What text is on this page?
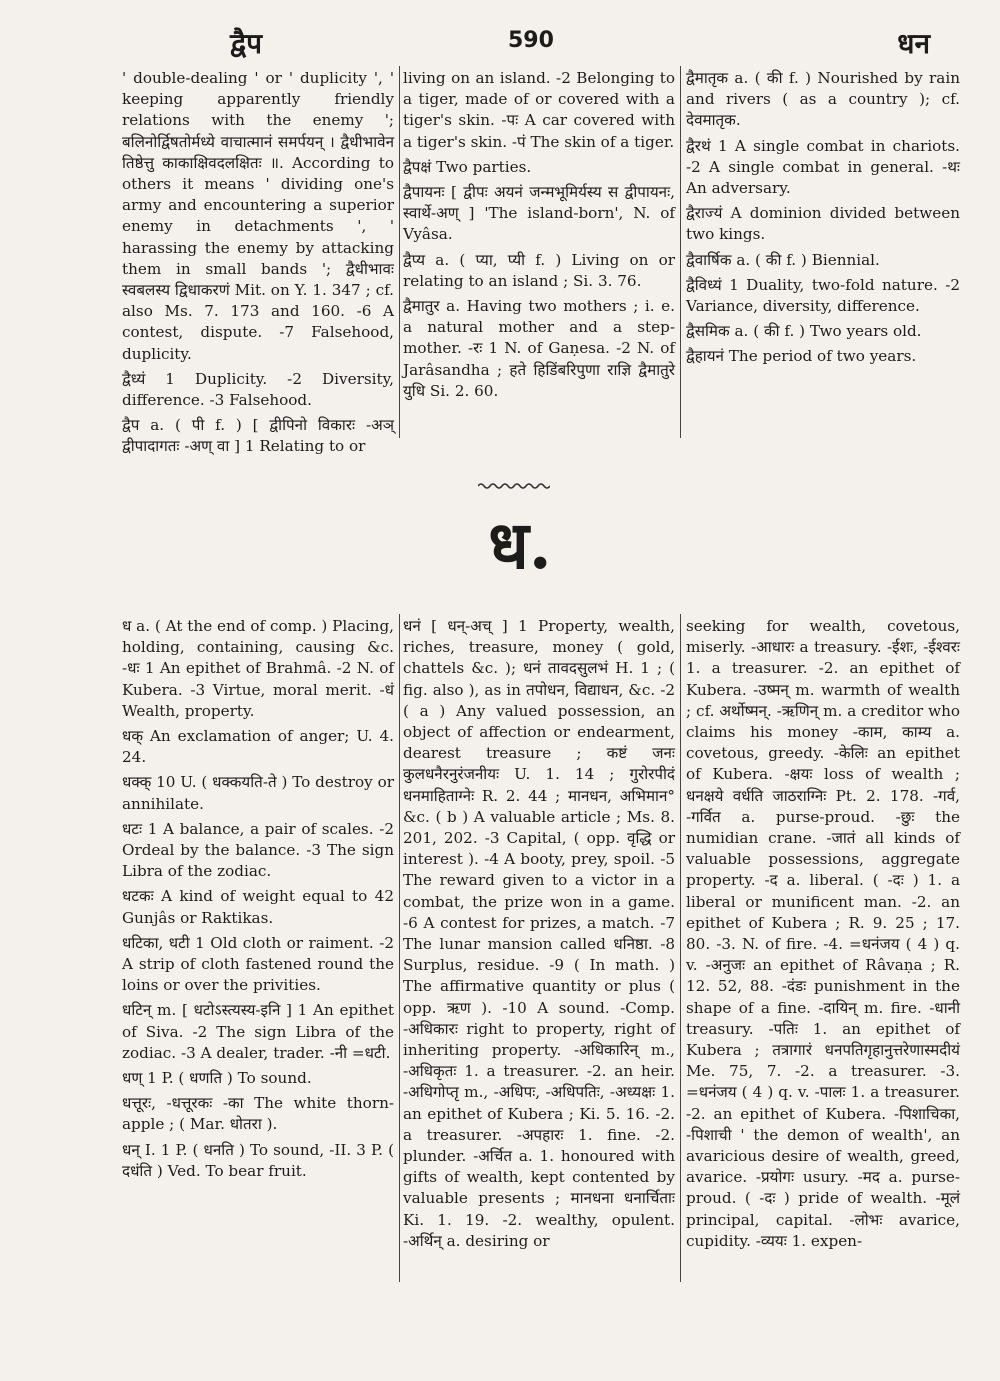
द्वैप	590	धन

' double-dealing ' or ' duplicity ', ' keeping apparently friendly relations with the enemy '; बलिनोर्द्विषतोर्मध्ये वाचात्मानं समर्पयन् । द्वैधीभावेन तिष्ठेत्तु काकाक्षिवदलक्षितः ॥. According to others it means ' dividing one's army and encountering a superior enemy in detachments ', ' harassing the enemy by attacking them in small bands '; द्वैधीभावः स्वबलस्य द्विधाकरणं Mit. on Y. 1. 347 ; cf. also Ms. 7. 173 and 160. -6 A contest, dispute. -7 Falsehood, duplicity.

द्वैध्यं 1 Duplicity. -2 Diversity, difference. -3 Falsehood.

द्वैप a. ( पी f. ) [ द्वीपिनो विकारः -अञ् द्वीपादागतः -अण् वा ] 1 Relating to or

living on an island. -2 Belonging to a tiger, made of or covered with a tiger's skin. -पः A car covered with a tiger's skin. -पं The skin of a tiger.

द्वैपक्षं Two parties.

द्वैपायनः [ द्वीपः अयनं जन्मभूमिर्यस्य स द्वीपायनः, स्वार्थे-अण् ] 'The island-born', N. of Vyâsa.

द्वैप्य a. ( प्या, प्यी f. ) Living on or relating to an island ; Si. 3. 76.

द्वैमातुर a. Having two mothers ; i. e. a natural mother and a step-mother. -रः 1 N. of Gaṇesa. -2 N. of Jarâsandha ; हते हिडिंबरिपुणा राज्ञि द्वैमातुरे युधि Si. 2. 60.

द्वैमातृक a. ( की f. ) Nourished by rain and rivers ( as a country ); cf. देवमातृक.

द्वैरथं 1 A single combat in chariots. -2 A single combat in general. -थः An adversary.

द्वैराज्यं A dominion divided between two kings.

द्वैवार्षिक a. ( की f. ) Biennial.

द्वैविध्यं 1 Duality, two-fold nature. -2 Variance, diversity, difference.

द्वैसमिक a. ( की f. ) Two years old.

द्वैहायनं The period of two years.

ध.

ध a. ( At the end of comp. ) Placing, holding, containing, causing &c. -धः 1 An epithet of Brahmâ. -2 N. of Kubera. -3 Virtue, moral merit. -धं Wealth, property.

धक् An exclamation of anger; U. 4. 24.

धक्क् 10 U. ( धक्कयति-ते ) To destroy or annihilate.

धटः 1 A balance, a pair of scales. -2 Ordeal by the balance. -3 The sign Libra of the zodiac.

धटकः A kind of weight equal to 42 Gunjâs or Raktikas.

धटिका, धटी 1 Old cloth or raiment. -2 A strip of cloth fastened round the loins or over the privities.

धटिन् m. [ धटोऽस्त्यस्य-इनि ] 1 An epithet of Siva. -2 The sign Libra of the zodiac. -3 A dealer, trader. -नी =धटी.

धण् 1 P. ( धणति ) To sound.

धत्तूरः, -धत्तूरकः -का The white thorn-apple ; ( Mar. धोतरा ).

धन् I. 1 P. ( धनति ) To sound, -II. 3 P. ( दधंति ) Ved. To bear fruit.

धनं [ धन्-अच् ] 1 Property, wealth, riches, treasure, money ( gold, chattels &c. ); धनं तावदसुलभं H. 1 ; ( fig. also ), as in तपोधन, विद्याधन, &c. -2 ( a ) Any valued possession, an object of affection or endearment, dearest treasure ; कष्टं जनः कुलधनैरनुरंजनीयः U. 1. 14 ; गुरोरपीदं धनमाहिताग्नेः R. 2. 44 ; मानधन, अभिमान° &c. ( b ) A valuable article ; Ms. 8. 201, 202. -3 Capital, ( opp. वृद्धि or interest ). -4 A booty, prey, spoil. -5 The reward given to a victor in a combat, the prize won in a game. -6 A contest for prizes, a match. -7 The lunar mansion called धनिष्ठा. -8 Surplus, residue. -9 ( In math. ) The affirmative quantity or plus ( opp. ऋण ). -10 A sound. -Comp. -अधिकारः right to property, right of inheriting property. -अधिकारिन् m., -अधिकृतः 1. a treasurer. -2. an heir. -अधिगोप्तृ m., -अधिपः, -अधिपतिः, -अध्यक्षः 1. an epithet of Kubera ; Ki. 5. 16. -2. a treasurer. -अपहारः 1. fine. -2. plunder. -अर्चित a. 1. honoured with gifts of wealth, kept contented by valuable presents ; मानधना धनार्चिताः Ki. 1. 19. -2. wealthy, opulent. -अर्थिन् a. desiring or

seeking for wealth, covetous, miserly. -आधारः a treasury. -ईशः, -ईश्वरः 1. a treasurer. -2. an epithet of Kubera. -उष्मन् m. warmth of wealth ; cf. अर्थोष्मन्. -ऋणिन् m. a creditor who claims his money -काम, काम्य a. covetous, greedy. -केलिः an epithet of Kubera. -क्षयः loss of wealth ; धनक्षये वर्धति जाठराग्निः Pt. 2. 178. -गर्व, -गर्वित a. purse-proud. -छुः the numidian crane. -जातं all kinds of valuable possessions, aggregate property. -द a. liberal. ( -दः ) 1. a liberal or munificent man. -2. an epithet of Kubera ; R. 9. 25 ; 17. 80. -3. N. of fire. -4. =धनंजय ( 4 ) q. v. -अनुजः an epithet of Râvaṇa ; R. 12. 52, 88. -दंडः punishment in the shape of a fine. -दायिन् m. fire. -धानी treasury. -पतिः 1. an epithet of Kubera ; तत्रागारं धनपतिगृहानुत्तरेणास्मदीयं Me. 75, 7. -2. a treasurer. -3. =धनंजय ( 4 ) q. v. -पालः 1. a treasurer. -2. an epithet of Kubera. -पिशाचिका, -पिशाची ' the demon of wealth', an avaricious desire of wealth, greed, avarice. -प्रयोगः usury. -मद a. purse-proud. ( -दः ) pride of wealth. -मूलं principal, capital. -लोभः avarice, cupidity. -व्ययः 1. expen-
